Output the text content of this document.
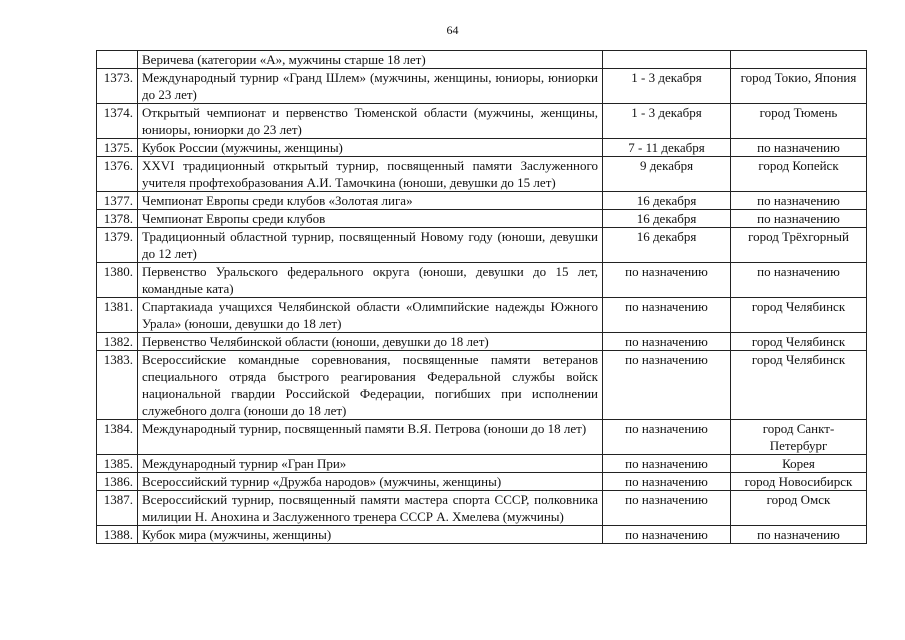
64
	Веричева (категории «А», мужчины старше 18 лет)		
1373.	Международный турнир «Гранд Шлем» (мужчины, женщины, юниоры, юниорки до 23 лет)	1 - 3 декабря	город Токио, Япония
1374.	Открытый чемпионат и первенство Тюменской области (мужчины, женщины, юниоры, юниорки до 23 лет)	1 - 3 декабря	город Тюмень
1375.	Кубок России (мужчины, женщины)	7 - 11 декабря	по назначению
1376.	XXVI традиционный открытый турнир, посвященный памяти Заслуженного учителя профтехобразования А.И. Тамочкина (юноши, девушки до 15 лет)	9 декабря	город Копейск
1377.	Чемпионат Европы среди клубов «Золотая лига»	16 декабря	по назначению
1378.	Чемпионат Европы среди клубов	16 декабря	по назначению
1379.	Традиционный областной турнир, посвященный Новому году (юноши, девушки до 12 лет)	16 декабря	город Трёхгорный
1380.	Первенство Уральского федерального округа (юноши, девушки до 15 лет, командные ката)	по назначению	по назначению
1381.	Спартакиада учащихся Челябинской области «Олимпийские надежды Южного Урала» (юноши, девушки до 18 лет)	по назначению	город Челябинск
1382.	Первенство Челябинской области (юноши, девушки до 18 лет)	по назначению	город Челябинск
1383.	Всероссийские командные соревнования, посвященные памяти ветеранов специального отряда быстрого реагирования Федеральной службы войск национальной гвардии Российской Федерации, погибших при исполнении служебного долга (юноши до 18 лет)	по назначению	город Челябинск
1384.	Международный турнир, посвященный памяти В.Я. Петрова (юноши до 18 лет)	по назначению	город Санкт-Петербург
1385.	Международный турнир «Гран При»	по назначению	Корея
1386.	Всероссийский турнир «Дружба народов» (мужчины, женщины)	по назначению	город Новосибирск
1387.	Всероссийский турнир, посвященный памяти мастера спорта СССР, полковника милиции Н. Анохина и Заслуженного тренера СССР А. Хмелева (мужчины)	по назначению	город Омск
1388.	Кубок мира (мужчины, женщины)	по назначению	по назначению
